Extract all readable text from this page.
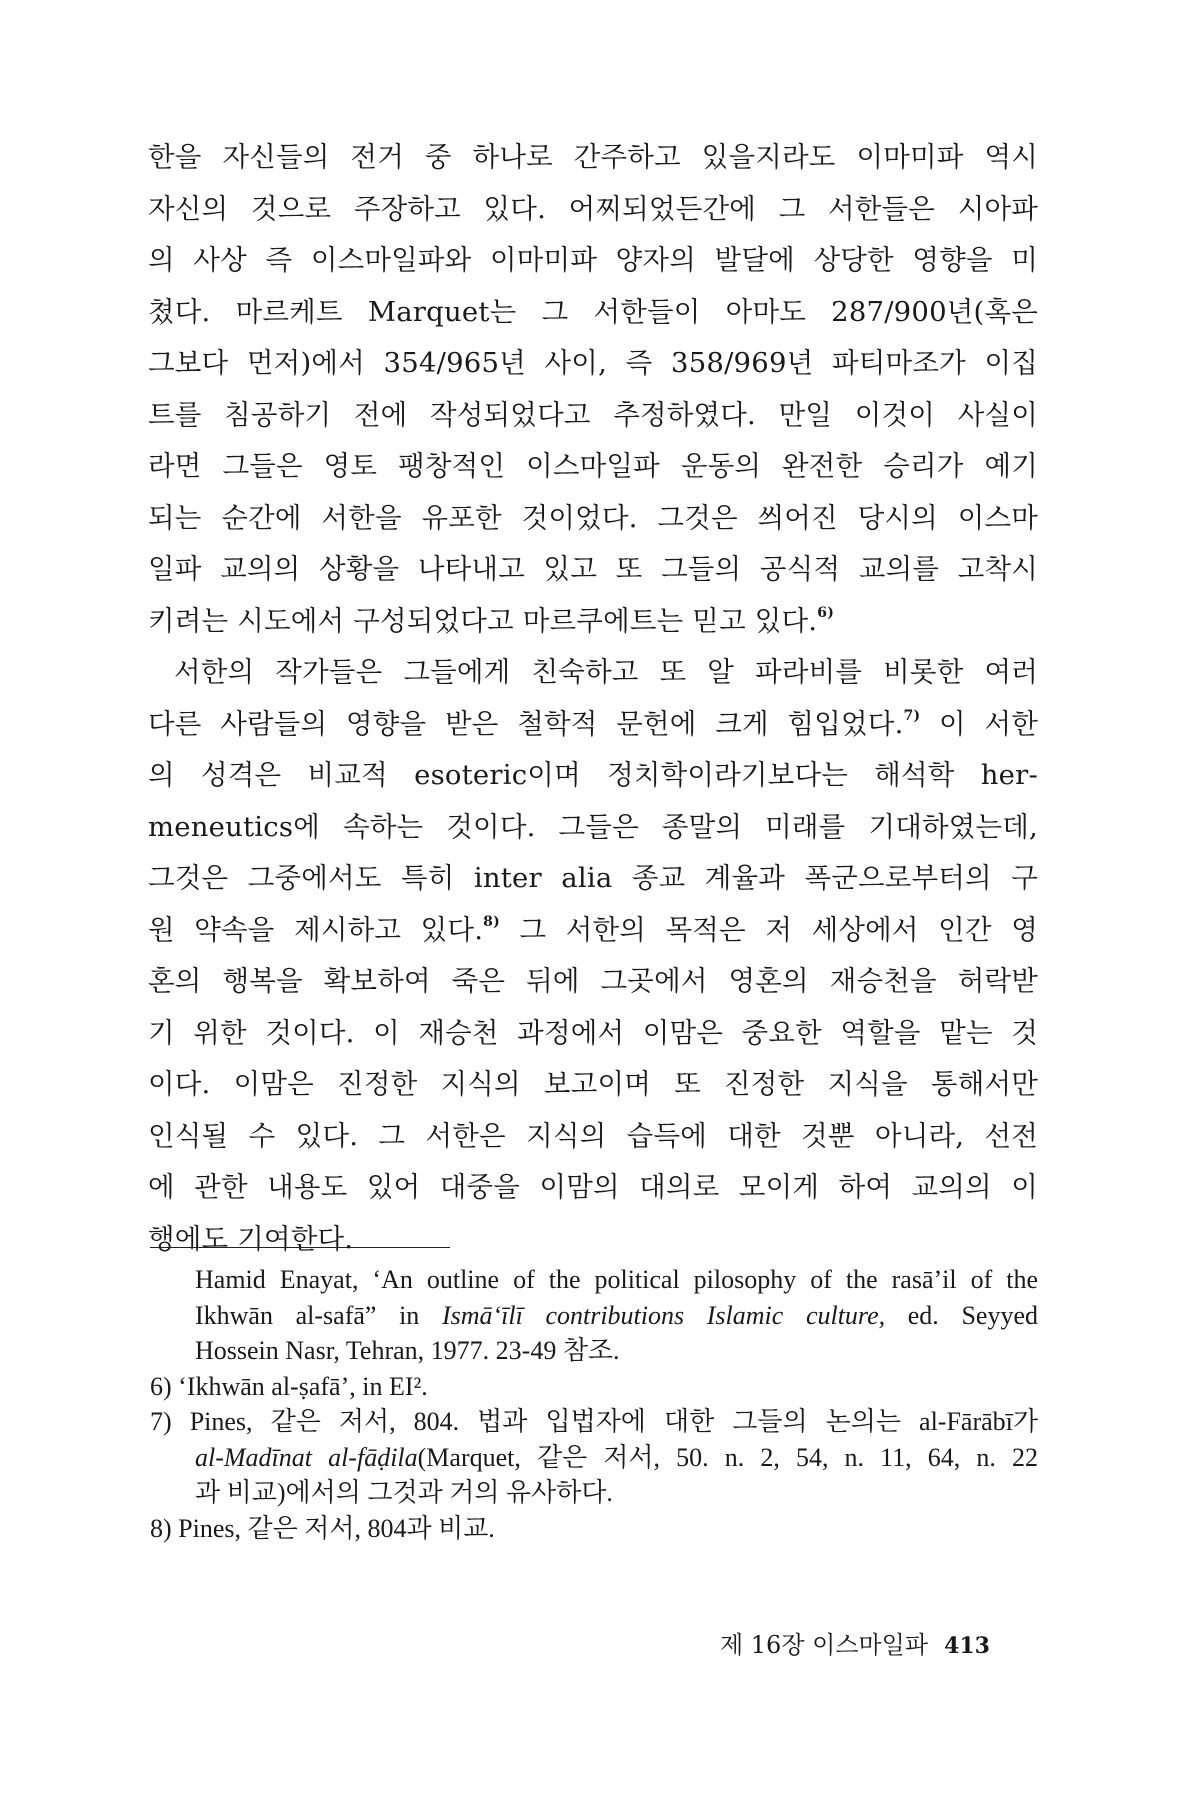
한을 자신들의 전거 중 하나로 간주하고 있을지라도 이마미파 역시
자신의 것으로 주장하고 있다. 어찌되었든간에 그 서한들은 시아파
의 사상 즉 이스마일파와 이마미파 양자의 발달에 상당한 영향을 미
쳤다. 마르케트 Marquet는 그 서한들이 아마도 287/900년(혹은
그보다 먼저)에서 354/965년 사이, 즉 358/969년 파티마조가 이집
트를 침공하기 전에 작성되었다고 추정하였다. 만일 이것이 사실이
라면 그들은 영토 팽창적인 이스마일파 운동의 완전한 승리가 예기
되는 순간에 서한을 유포한 것이었다. 그것은 씌어진 당시의 이스마
일파 교의의 상황을 나타내고 있고 또 그들의 공식적 교의를 고착시
키려는 시도에서 구성되었다고 마르쿠에트는 믿고 있다.$^{6)}$
서한의 작가들은 그들에게 친숙하고 또 알 파라비를 비롯한 여러
다른 사람들의 영향을 받은 철학적 문헌에 크게 힘입었다.$^{7)}$ 이 서한
의 성격은 비교적 esoteric이며 정치학이라기보다는 해석학 her-
meneutics에 속하는 것이다. 그들은 종말의 미래를 기대하였는데,
그것은 그중에서도 특히 inter alia 종교 계율과 폭군으로부터의 구
원 약속을 제시하고 있다.$^{8)}$ 그 서한의 목적은 저 세상에서 인간 영
혼의 행복을 확보하여 죽은 뒤에 그곳에서 영혼의 재승천을 허락받
기 위한 것이다. 이 재승천 과정에서 이맘은 중요한 역할을 맡는 것
이다. 이맘은 진정한 지식의 보고이며 또 진정한 지식을 통해서만
인식될 수 있다. 그 서한은 지식의 습득에 대한 것뿐 아니라, 선전
에 관한 내용도 있어 대중을 이맘의 대의로 모이게 하여 교의의 이
행에도 기여한다.
Hamid Enayat, ‘An outline of the political pilosophy of the rasā’il of the
Ikhwān al-safā” in Ismā‘īlī contributions Islamic culture, ed. Seyyed
Hossein Nasr, Tehran, 1977. 23-49 참조.
6) ‘Ikhwān al-ṣafā’, in EI².
7) Pines, 같은 저서, 804. 법과 입법자에 대한 그들의 논의는 al-Fārābī가
al-Madīnat al-fāḍila(Marquet, 같은 저서, 50. n. 2, 54, n. 11, 64, n. 22
과 비교)에서의 그것과 거의 유사하다.
8) Pines, 같은 저서, 804과 비교.
제 16장 이스마일파 413
